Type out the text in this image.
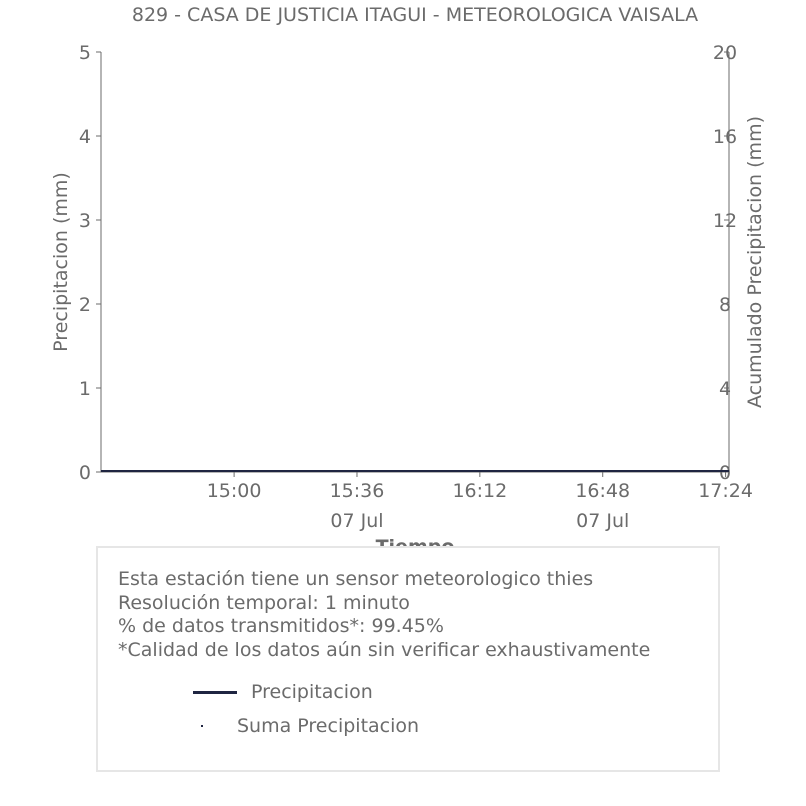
829 - CASA DE JUSTICIA ITAGUI - METEOROLOGICA VAISALA
0
1
2
3
4
5
0
4
8
12
16
20
15:00	15:36
07 Jul
16:12	16:48
07 Jul
17:24
Precipitacion (mm)	Acumulado Precipitacion (mm)
Esta estación tiene un sensor meteorologico thies
Resolución temporal: 1 minuto
% de datos transmitidos*: 99.45%
*Calidad de los datos aún sin verificar exhaustivamente
Precipitacion
Suma Precipitacion
